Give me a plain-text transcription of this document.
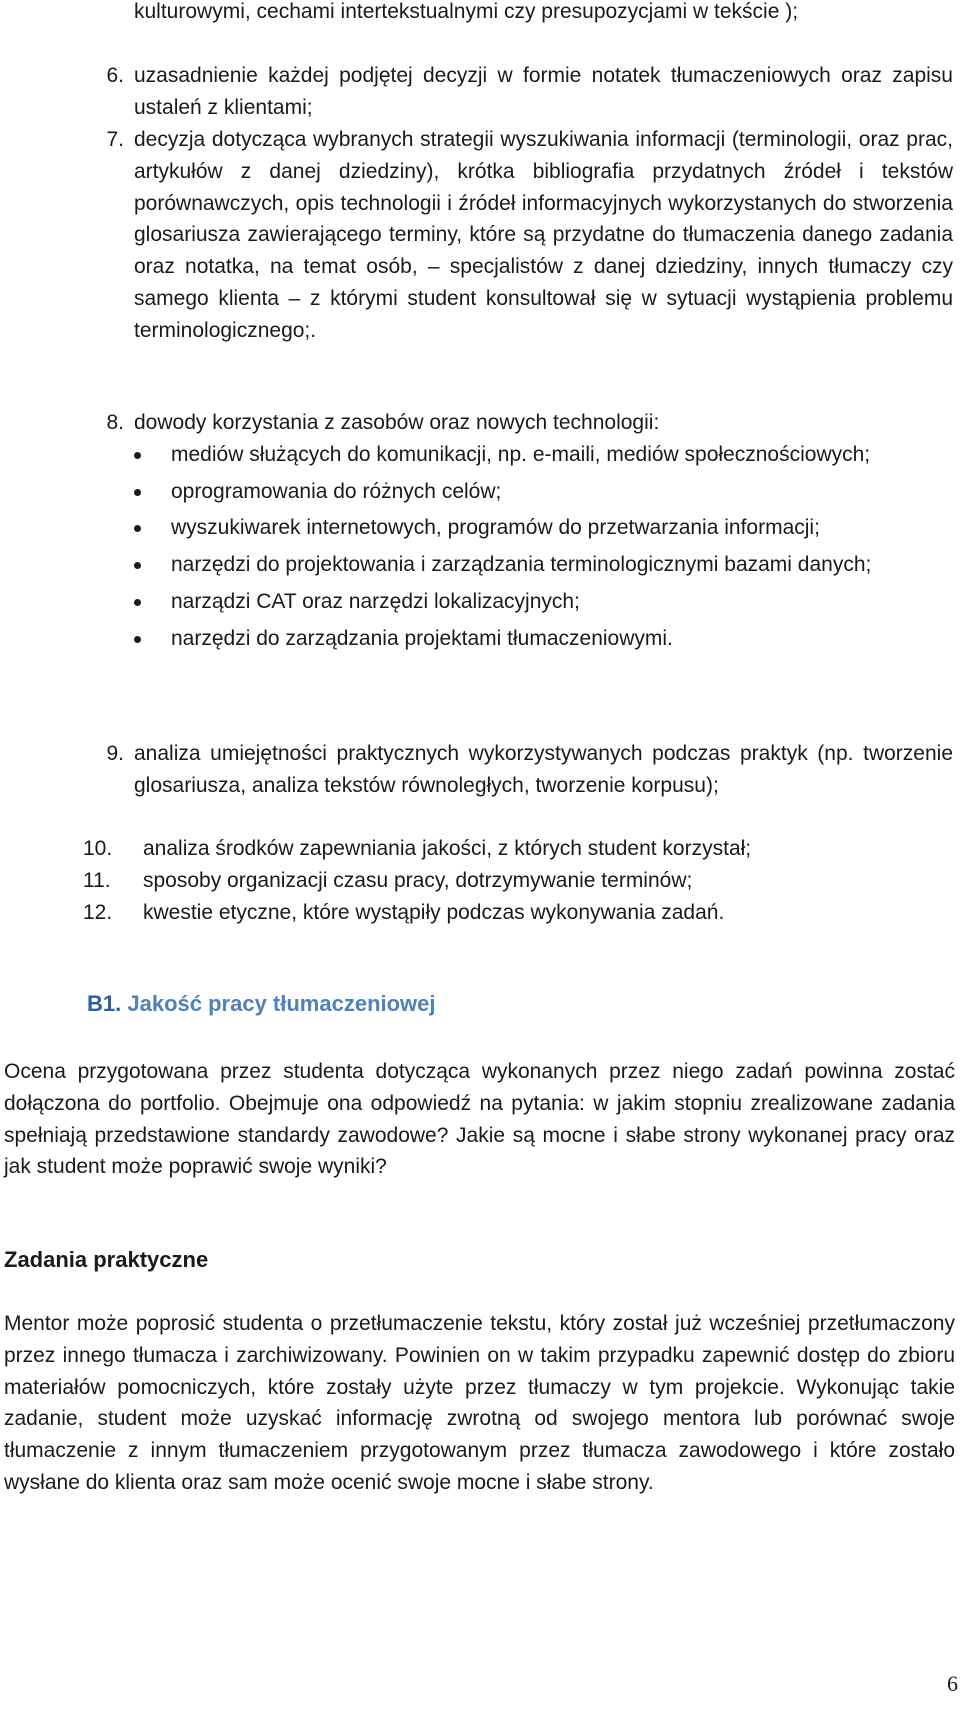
kulturowymi, cechami intertekstualnymi czy presupozycjami w tekście );

6. uzasadnienie każdej podjętej decyzji w formie notatek tłumaczeniowych oraz zapisu ustaleń z klientami;

7. decyzja dotycząca wybranych strategii wyszukiwania informacji (terminologii, oraz prac, artykułów z danej dziedziny), krótka bibliografia przydatnych źródeł i tekstów porównawczych, opis technologii i źródeł informacyjnych wykorzystanych do stworzenia glosariusza zawierającego terminy, które są przydatne do tłumaczenia danego zadania oraz notatka, na temat osób, – specjalistów z danej dziedziny, innych tłumaczy czy samego klienta – z którymi student konsultował się w sytuacji wystąpienia problemu terminologicznego;.

8. dowody korzystania z zasobów oraz nowych technologii:

mediów służących do komunikacji, np. e-maili, mediów społecznościowych;
oprogramowania do różnych celów;
wyszukiwarek internetowych, programów do przetwarzania informacji;
narzędzi do projektowania i zarządzania terminologicznymi bazami danych;
narządzi CAT oraz narzędzi lokalizacyjnych;
narzędzi do zarządzania projektami tłumaczeniowymi.
9. analiza umiejętności praktycznych wykorzystywanych podczas praktyk (np. tworzenie glosariusza, analiza tekstów równoległych, tworzenie korpusu);

10.	analiza środków zapewniania jakości, z których student korzystał;

11.	sposoby organizacji czasu pracy, dotrzymywanie terminów;

12.	kwestie etyczne, które wystąpiły podczas wykonywania zadań.

B1. Jakość pracy tłumaczeniowej

Ocena przygotowana przez studenta dotycząca wykonanych przez niego zadań powinna zostać dołączona do portfolio. Obejmuje ona odpowiedź na pytania: w jakim stopniu zrealizowane zadania spełniają przedstawione standardy zawodowe? Jakie są mocne i słabe strony wykonanej pracy oraz jak student może poprawić swoje wyniki?

Zadania praktyczne

Mentor może poprosić studenta o przetłumaczenie tekstu, który został już wcześniej przetłumaczony przez innego tłumacza i zarchiwizowany. Powinien on w takim przypadku zapewnić dostęp do zbioru materiałów pomocniczych, które zostały użyte przez tłumaczy w tym projekcie. Wykonując takie zadanie, student może uzyskać informację zwrotną od swojego mentora lub porównać swoje tłumaczenie z innym tłumaczeniem przygotowanym przez tłumacza zawodowego i które zostało wysłane do klienta oraz sam może ocenić swoje mocne i słabe strony.

6
